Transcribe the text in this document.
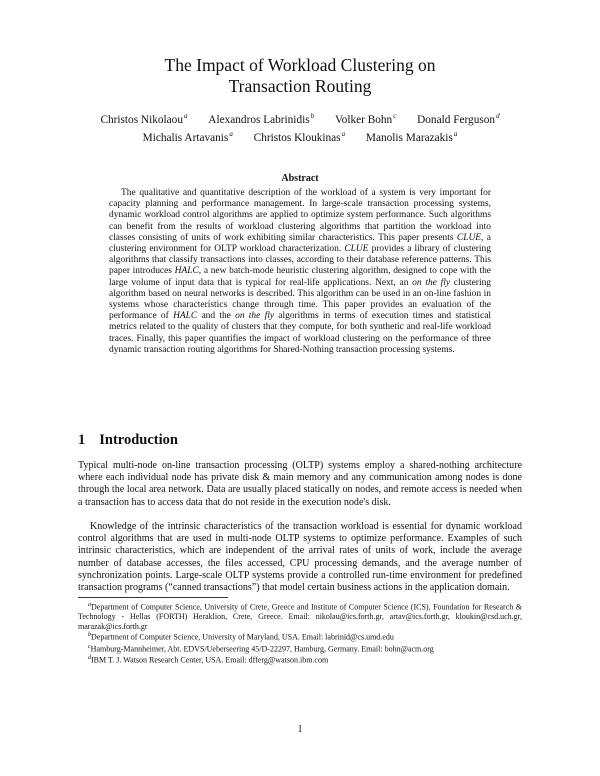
The Impact of Workload Clustering on
Transaction Routing
Christos Nikolaou$^a$ Alexandros Labrinidis$^b$ Volker Bohn$^c$ Donald Ferguson$^d$
Michalis Artavanis$^a$ Christos Kloukinas$^a$ Manolis Marazakis$^a$
Abstract

The qualitative and quantitative description of the workload of a system is very important for capacity planning and performance management. In large-scale transaction processing systems, dynamic workload control algorithms are applied to optimize system performance. Such algorithms can benefit from the results of workload clustering algorithms that partition the workload into classes consisting of units of work exhibiting similar characteristics. This paper presents CLUE, a clustering environment for OLTP workload characterization. CLUE provides a library of clustering algorithms that classify transactions into classes, according to their database reference patterns. This paper introduces HALC, a new batch-mode heuristic clustering algorithm, designed to cope with the large volume of input data that is typical for real-life applications. Next, an on the fly clustering algorithm based on neural networks is described. This algorithm can be used in an on-line fashion in systems whose characteristics change through time. This paper provides an evaluation of the performance of HALC and the on the fly algorithms in terms of execution times and statistical metrics related to the quality of clusters that they compute, for both synthetic and real-life workload traces. Finally, this paper quantifies the impact of workload clustering on the performance of three dynamic transaction routing algorithms for Shared-Nothing transaction processing systems.

1 Introduction

Typical multi-node on-line transaction processing (OLTP) systems employ a shared-nothing architecture where each individual node has private disk & main memory and any communication among nodes is done through the local area network. Data are usually placed statically on nodes, and remote access is needed when a transaction has to access data that do not reside in the execution node's disk.

Knowledge of the intrinsic characteristics of the transaction workload is essential for dynamic workload control algorithms that are used in multi-node OLTP systems to optimize performance. Examples of such intrinsic characteristics, which are independent of the arrival rates of units of work, include the average number of database accesses, the files accessed, CPU processing demands, and the average number of synchronization points. Large-scale OLTP systems provide a controlled run-time environment for predefined transaction programs (“canned transactions”) that model certain business actions in the application domain.

$^a$Department of Computer Science, University of Crete, Greece and Institute of Computer Science (ICS), Foundation for Research & Technology - Hellas (FORTH) Heraklion, Crete, Greece. Email: nikolau@ics.forth.gr, artav@ics.forth.gr, kloukin@csd.uch.gr, marazak@ics.forth.gr

$^b$Department of Computer Science, University of Maryland, USA. Email: labrinid@cs.umd.edu

$^c$Hamburg-Mannheimer, Abt. EDVS/Ueberseering 45/D-22297, Hamburg, Germany. Email: bohn@acm.org

$^d$IBM T. J. Watson Research Center, USA. Email: dfferg@watson.ibm.com

1
